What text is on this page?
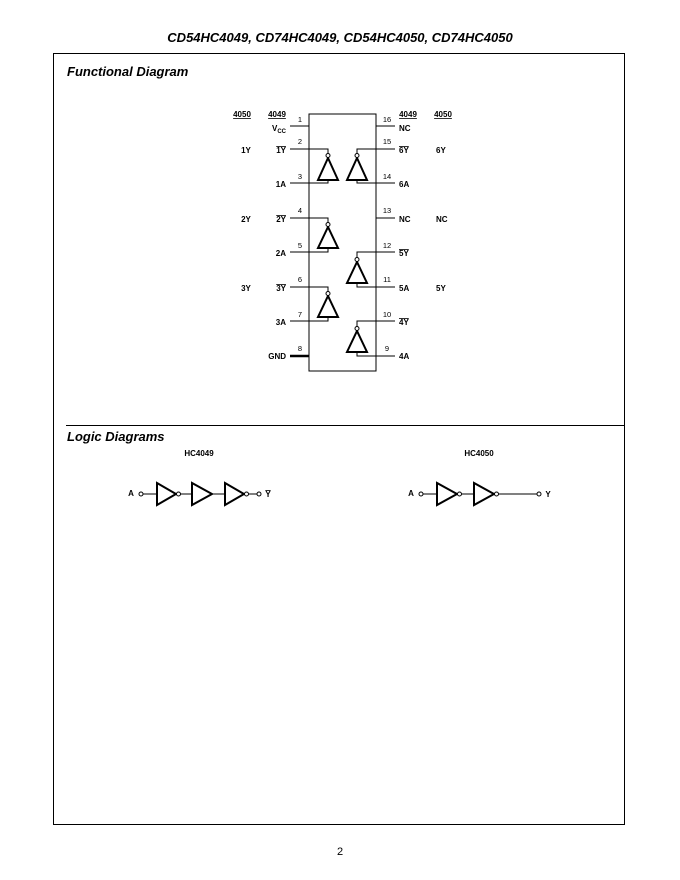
CD54HC4049, CD74HC4049, CD54HC4050, CD74HC4050
Functional Diagram
Logic Diagrams
4050 4049	4049 4050
1
2
3
4
5
6
7
8
16
15
14
13
12
11
10
9
$V_{CC}$
1Y
1A
2Y
2A
3Y
3A
GND
1Y
2Y
3Y
NC
6Y
6A
NC
5Y
5A
4Y
4A
6Y
NC
5Y
HC4049	HC4050
A	Y	A	Y
2
